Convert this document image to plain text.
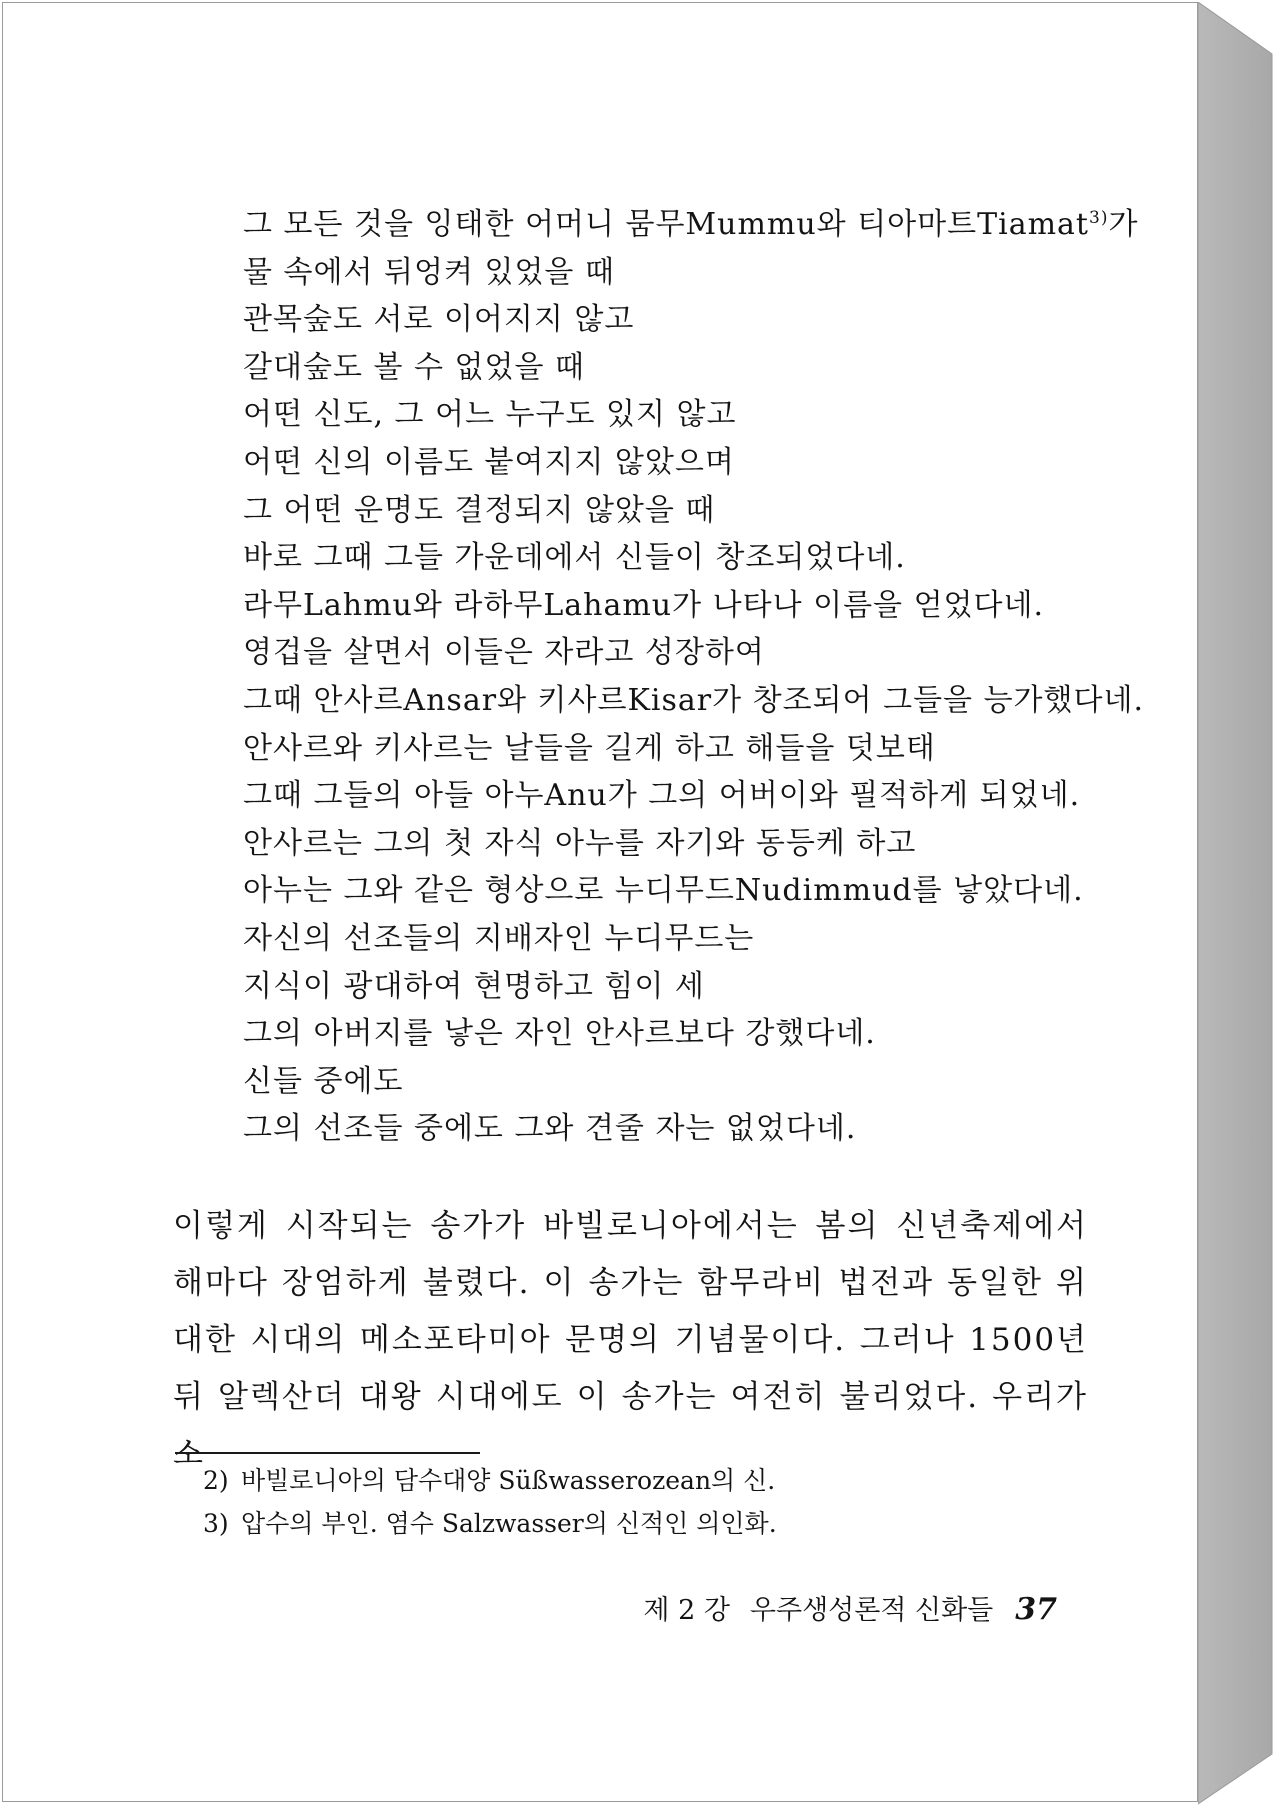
그 모든 것을 잉태한 어머니 뭄무Mummu와 티아마트Tiamat$^{3)}$가
물 속에서 뒤엉켜 있었을 때
관목숲도 서로 이어지지 않고
갈대숲도 볼 수 없었을 때
어떤 신도, 그 어느 누구도 있지 않고
어떤 신의 이름도 붙여지지 않았으며
그 어떤 운명도 결정되지 않았을 때
바로 그때 그들 가운데에서 신들이 창조되었다네.
라무Lahmu와 라하무Lahamu가 나타나 이름을 얻었다네.
영겁을 살면서 이들은 자라고 성장하여
그때 안사르Ansar와 키사르Kisar가 창조되어 그들을 능가했다네.
안사르와 키사르는 날들을 길게 하고 해들을 덧보태
그때 그들의 아들 아누Anu가 그의 어버이와 필적하게 되었네.
안사르는 그의 첫 자식 아누를 자기와 동등케 하고
아누는 그와 같은 형상으로 누디무드Nudimmud를 낳았다네.
자신의 선조들의 지배자인 누디무드는
지식이 광대하여 현명하고 힘이 세
그의 아버지를 낳은 자인 안사르보다 강했다네.
신들 중에도
그의 선조들 중에도 그와 견줄 자는 없었다네.

이렇게 시작되는 송가가 바빌로니아에서는 봄의 신년축제에서 해마다 장엄하게 불렸다. 이 송가는 함무라비 법전과 동일한 위대한 시대의 메소포타미아 문명의 기념물이다. 그러나 1500년 뒤 알렉산더 대왕 시대에도 이 송가는 여전히 불리었다. 우리가 소

2) 바빌로니아의 담수대양 Süßwasserozean의 신.
3) 압수의 부인. 염수 Salzwasser의 신적인 의인화.
제 2 강 우주생성론적 신화들 37
